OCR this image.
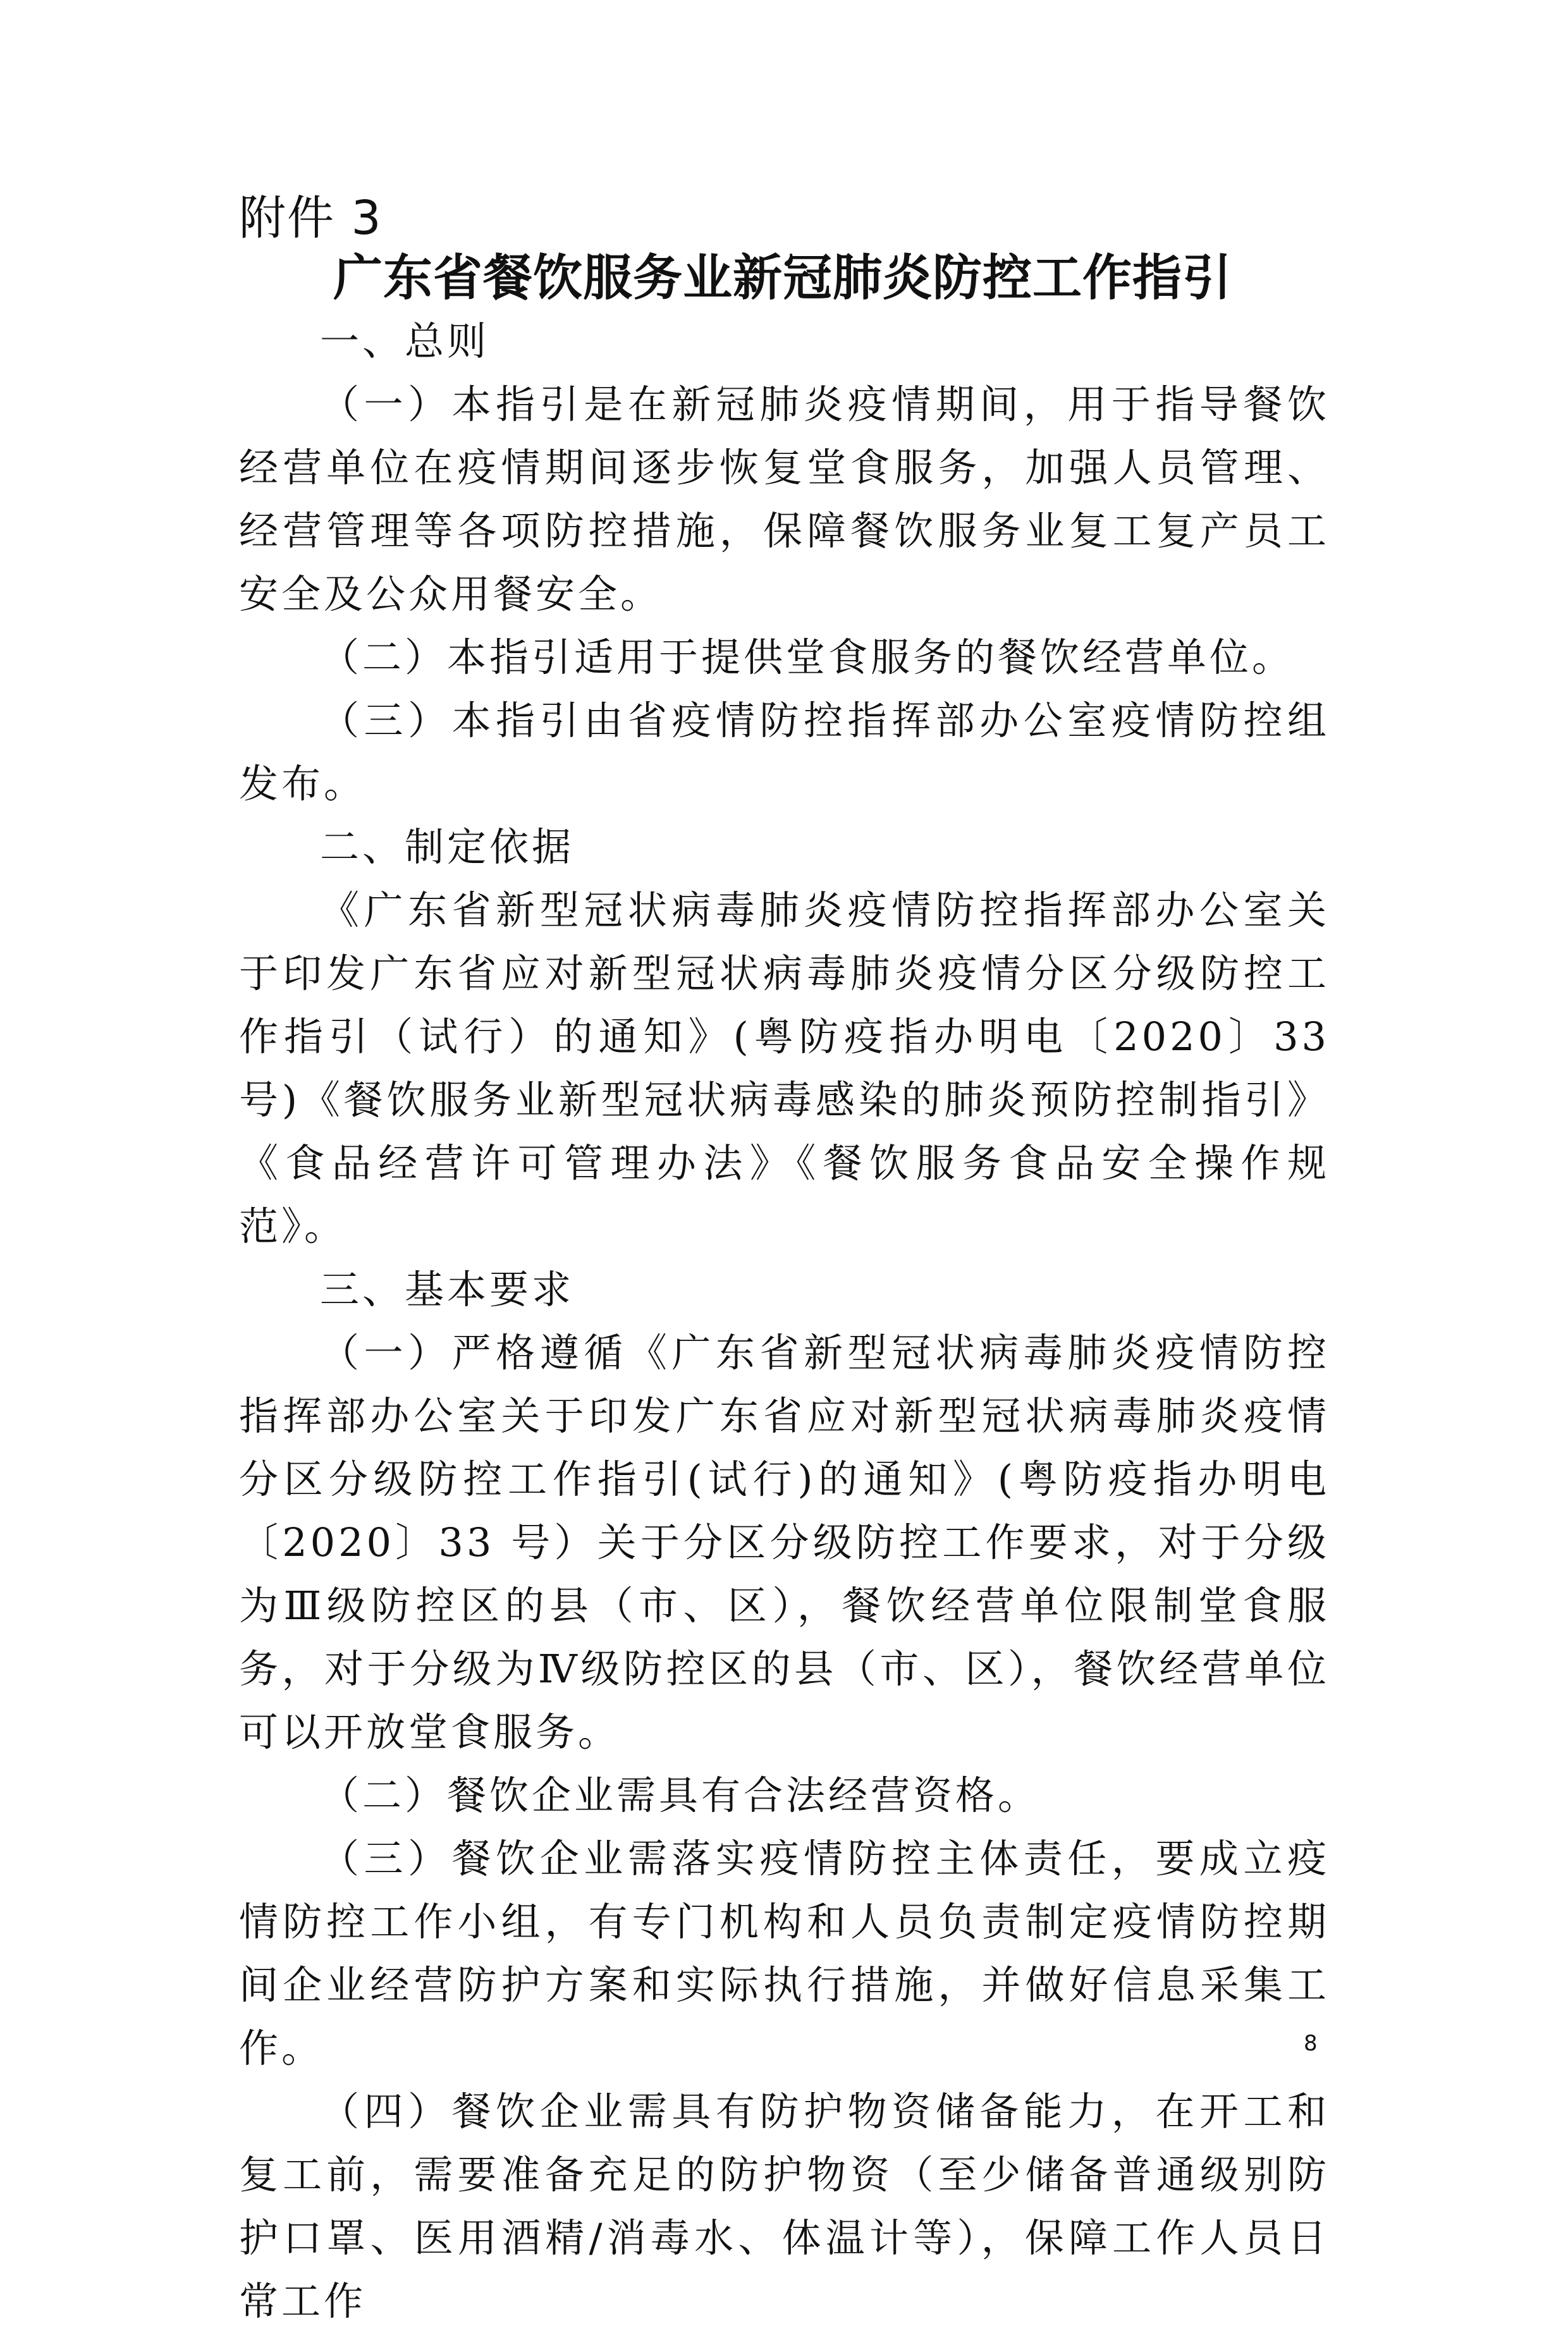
附件 3
广东省餐饮服务业新冠肺炎防控工作指引

一、总则

（一）本指引是在新冠肺炎疫情期间，用于指导餐饮经营单位在疫情期间逐步恢复堂食服务，加强人员管理、经营管理等各项防控措施，保障餐饮服务业复工复产员工安全及公众用餐安全。

（二）本指引适用于提供堂食服务的餐饮经营单位。

（三）本指引由省疫情防控指挥部办公室疫情防控组发布。

二、制定依据

《广东省新型冠状病毒肺炎疫情防控指挥部办公室关于印发广东省应对新型冠状病毒肺炎疫情分区分级防控工作指引（试行）的通知》(粤防疫指办明电〔2020〕33 号)《餐饮服务业新型冠状病毒感染的肺炎预防控制指引》《食品经营许可管理办法》《餐饮服务食品安全操作规范》。

三、基本要求

（一）严格遵循《广东省新型冠状病毒肺炎疫情防控指挥部办公室关于印发广东省应对新型冠状病毒肺炎疫情分区分级防控工作指引(试行)的通知》(粤防疫指办明电〔2020〕33 号）关于分区分级防控工作要求，对于分级为Ⅲ级防控区的县（市、区），餐饮经营单位限制堂食服务，对于分级为Ⅳ级防控区的县（市、区），餐饮经营单位可以开放堂食服务。

（二）餐饮企业需具有合法经营资格。

（三）餐饮企业需落实疫情防控主体责任，要成立疫情防控工作小组，有专门机构和人员负责制定疫情防控期间企业经营防护方案和实际执行措施，并做好信息采集工作。

（四）餐饮企业需具有防护物资储备能力，在开工和复工前，需要准备充足的防护物资（至少储备普通级别防护口罩、医用酒精/消毒水、体温计等），保障工作人员日常工作

8
